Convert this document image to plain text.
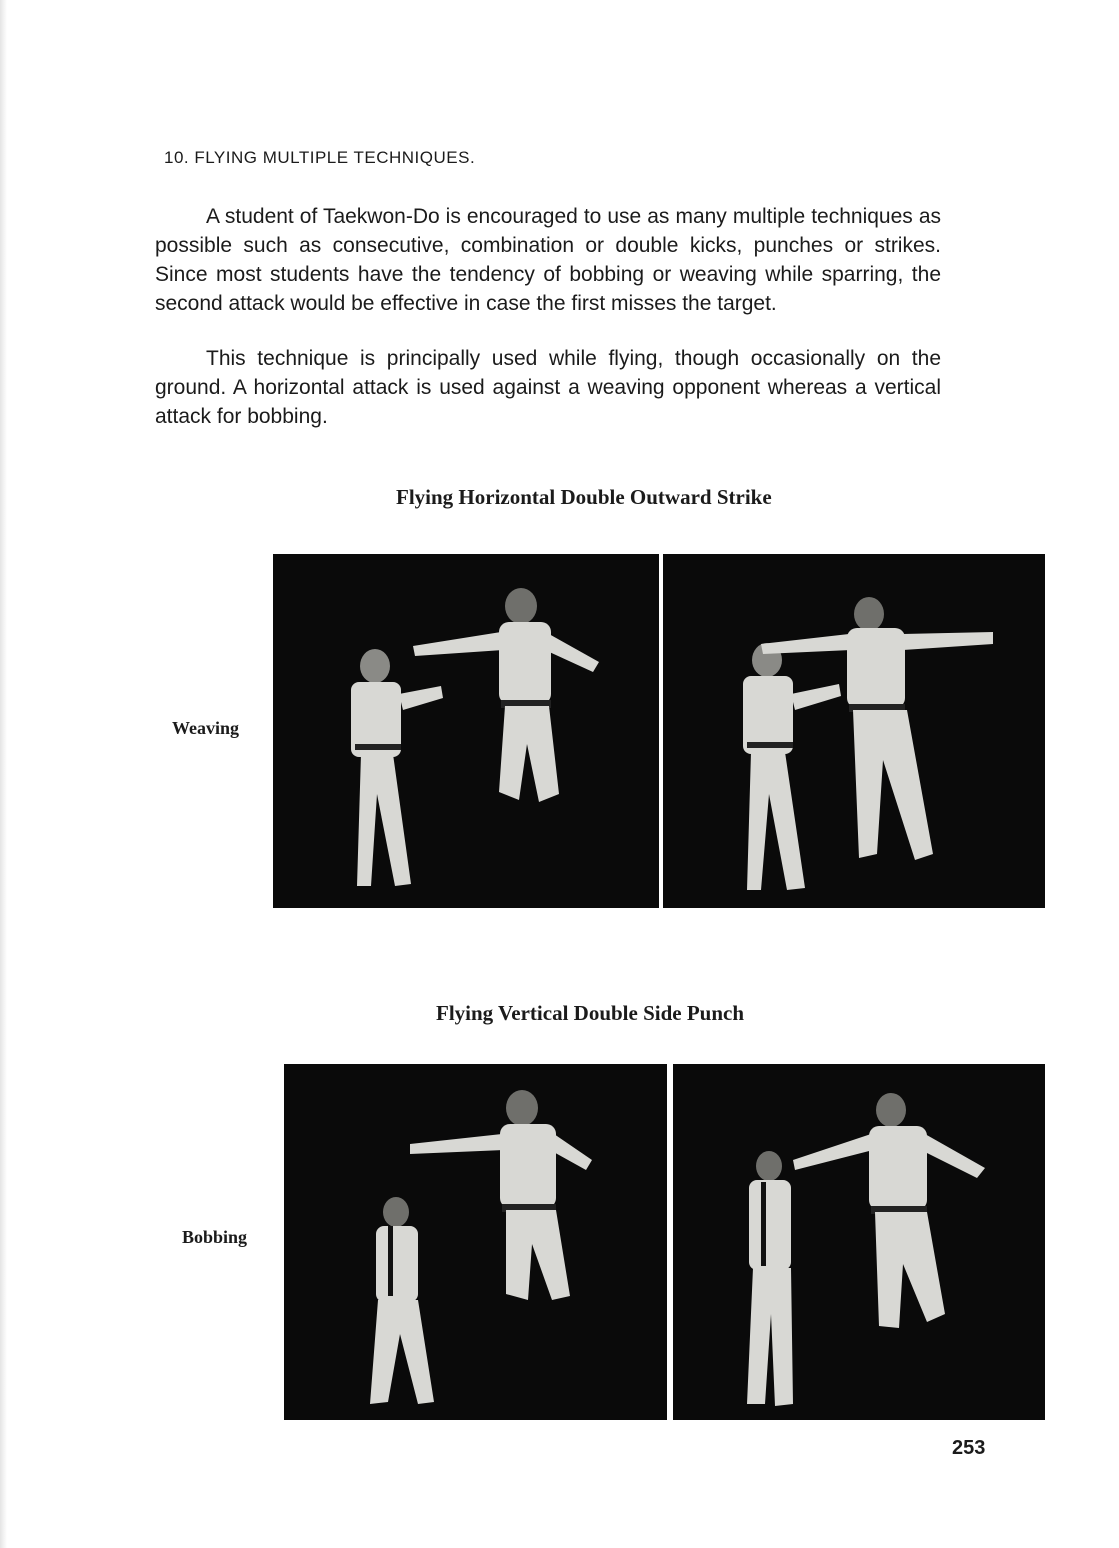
10. FLYING MULTIPLE TECHNIQUES.

A student of Taekwon-Do is encouraged to use as many multiple techniques as possible such as consecutive, combination or double kicks, punches or strikes. Since most students have the tendency of bobbing or weaving while sparring, the second attack would be effective in case the first misses the target.

This technique is principally used while flying, though occasionally on the ground. A horizontal attack is used against a weaving opponent whereas a vertical attack for bobbing.

Flying Horizontal Double Outward Strike
Weaving
Flying Vertical Double Side Punch
Bobbing
253
